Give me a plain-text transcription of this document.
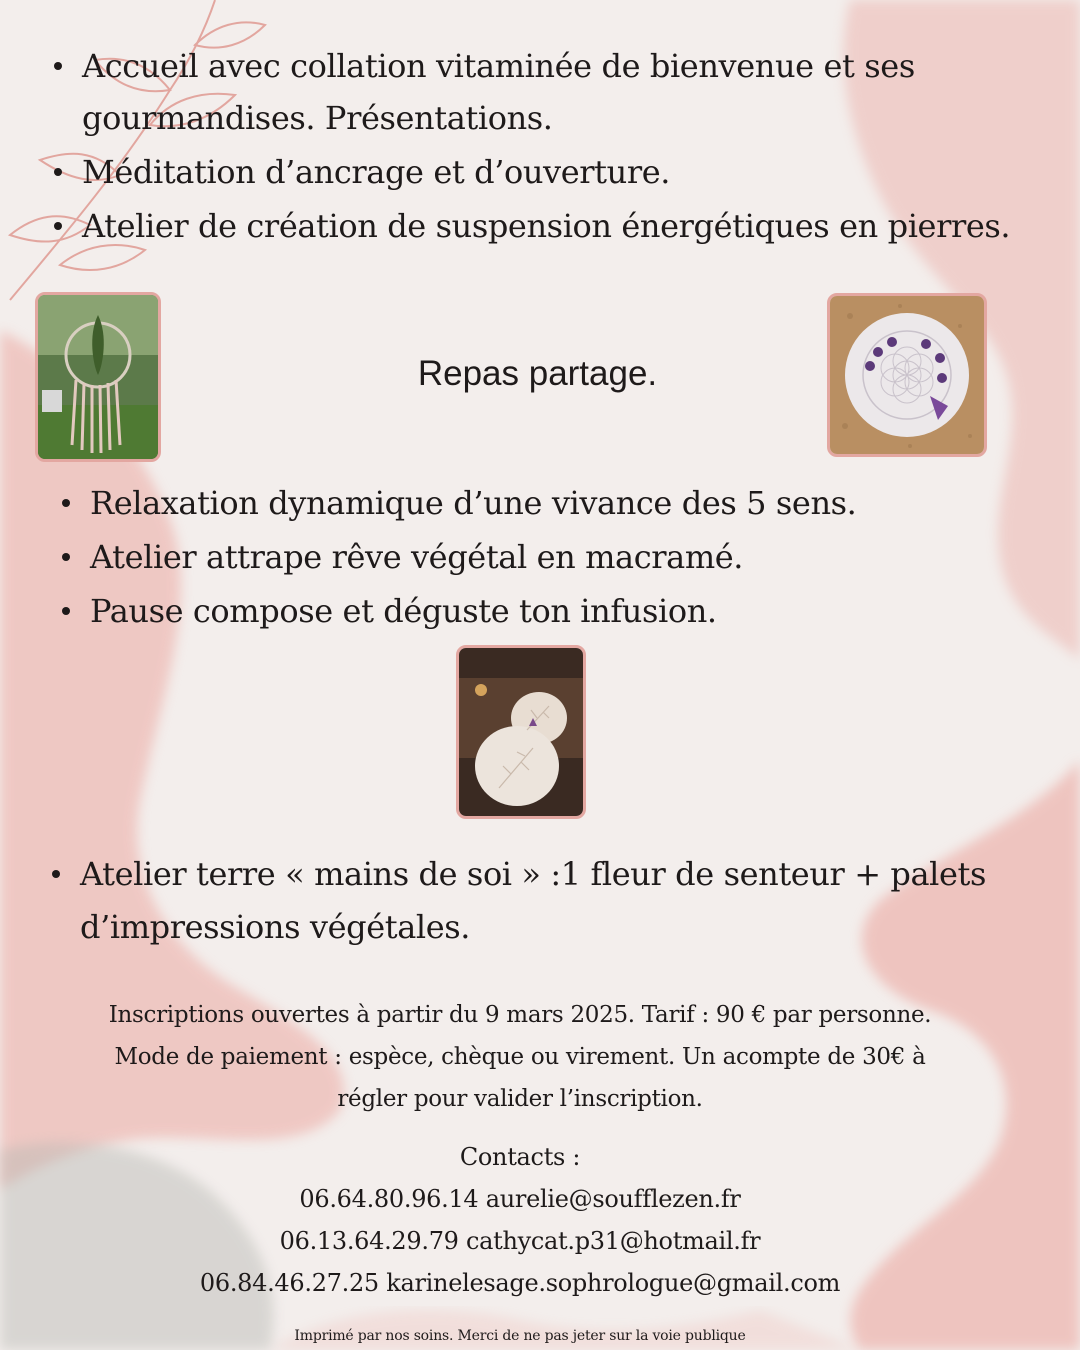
Accueil avec collation vitaminée de bienvenue et ses gourmandises. Présentations.
Méditation d’ancrage et d’ouverture.
Atelier de création de suspension énergétiques en pierres.
Repas partage.
Relaxation dynamique d’une vivance des 5 sens.
Atelier attrape rêve végétal en macramé.
Pause compose et déguste ton infusion.
Atelier terre « mains de soi » :1 fleur de senteur + palets d’impressions végétales.
Inscriptions ouvertes à partir du 9 mars 2025. Tarif : 90 € par personne.
Mode de paiement : espèce, chèque ou virement. Un acompte de 30€ à
régler pour valider l’inscription.
Contacts :
06.64.80.96.14 aurelie@soufflezen.fr
06.13.64.29.79 cathycat.p31@hotmail.fr
06.84.46.27.25 karinelesage.sophrologue@gmail.com
Imprimé par nos soins. Merci de ne pas jeter sur la voie publique
